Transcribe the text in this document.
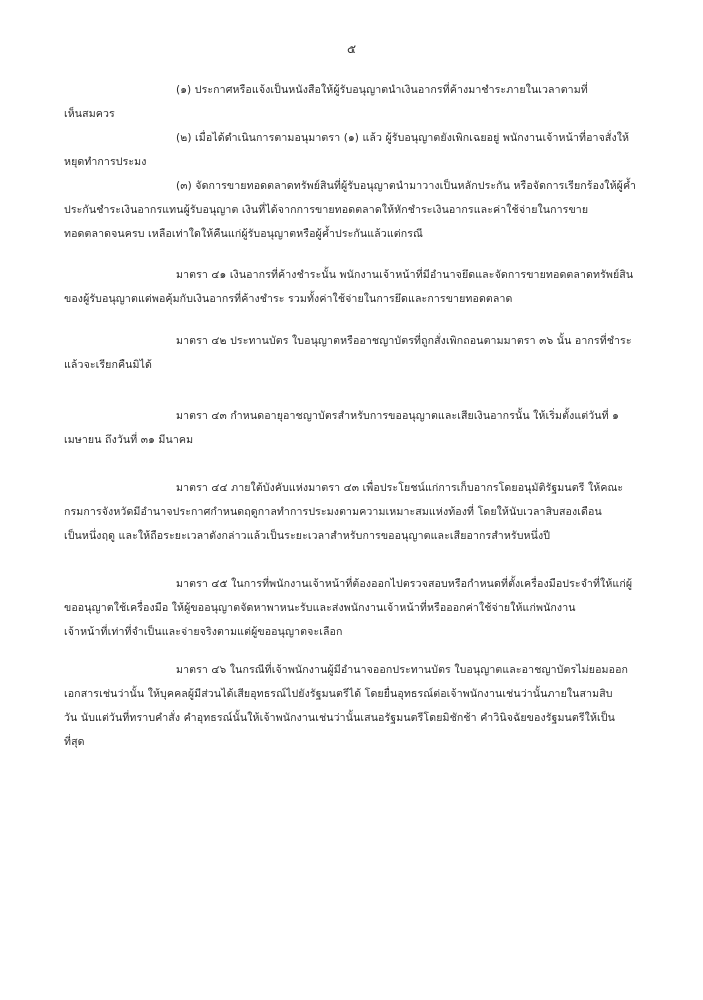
๕
(๑) ประกาศหรือแจ้งเป็นหนังสือให้ผู้รับอนุญาตนำเงินอากรที่ค้างมาชำระภายในเวลาตามที่
เห็นสมควร
(๒) เมื่อได้ดำเนินการตามอนุมาตรา (๑) แล้ว ผู้รับอนุญาตยังเพิกเฉยอยู่ พนักงานเจ้าหน้าที่อาจสั่งให้
หยุดทำการประมง
(๓) จัดการขายทอดตลาดทรัพย์สินที่ผู้รับอนุญาตนำมาวางเป็นหลักประกัน หรือจัดการเรียกร้องให้ผู้ค้ำ
ประกันชำระเงินอากรแทนผู้รับอนุญาต เงินที่ได้จากการขายทอดตลาดให้หักชำระเงินอากรและค่าใช้จ่ายในการขาย
ทอดตลาดจนครบ เหลือเท่าใดให้คืนแก่ผู้รับอนุญาตหรือผู้ค้ำประกันแล้วแต่กรณี
มาตรา ๔๑ เงินอากรที่ค้างชำระนั้น พนักงานเจ้าหน้าที่มีอำนาจยึดและจัดการขายทอดตลาดทรัพย์สิน
ของผู้รับอนุญาตแต่พอคุ้มกับเงินอากรที่ค้างชำระ รวมทั้งค่าใช้จ่ายในการยึดและการขายทอดตลาด
มาตรา ๔๒ ประทานบัตร ใบอนุญาตหรืออาชญาบัตรที่ถูกสั่งเพิกถอนตามมาตรา ๓๖ นั้น อากรที่ชำระ
แล้วจะเรียกคืนมิได้
มาตรา ๔๓ กำหนดอายุอาชญาบัตรสำหรับการขออนุญาตและเสียเงินอากรนั้น ให้เริ่มตั้งแต่วันที่ ๑
เมษายน ถึงวันที่ ๓๑ มีนาคม
มาตรา ๔๔ ภายใต้บังคับแห่งมาตรา ๔๓ เพื่อประโยชน์แก่การเก็บอากรโดยอนุมัติรัฐมนตรี ให้คณะ
กรมการจังหวัดมีอำนาจประกาศกำหนดฤดูกาลทำการประมงตามความเหมาะสมแห่งท้องที่ โดยให้นับเวลาสิบสองเดือน
เป็นหนึ่งฤดู และให้ถือระยะเวลาดังกล่าวแล้วเป็นระยะเวลาสำหรับการขออนุญาตและเสียอากรสำหรับหนึ่งปี
มาตรา ๔๕ ในการที่พนักงานเจ้าหน้าที่ต้องออกไปตรวจสอบหรือกำหนดที่ตั้งเครื่องมือประจำที่ให้แก่ผู้
ขออนุญาตใช้เครื่องมือ ให้ผู้ขออนุญาตจัดหาพาหนะรับและส่งพนักงานเจ้าหน้าที่หรือออกค่าใช้จ่ายให้แก่พนักงาน
เจ้าหน้าที่เท่าที่จำเป็นและจ่ายจริงตามแต่ผู้ขออนุญาตจะเลือก
มาตรา ๔๖ ในกรณีที่เจ้าพนักงานผู้มีอำนาจออกประทานบัตร ใบอนุญาตและอาชญาบัตรไม่ยอมออก
เอกสารเช่นว่านั้น ให้บุคคลผู้มีส่วนได้เสียอุทธรณ์ไปยังรัฐมนตรีได้ โดยยื่นอุทธรณ์ต่อเจ้าพนักงานเช่นว่านั้นภายในสามสิบ
วัน นับแต่วันที่ทราบคำสั่ง คำอุทธรณ์นั้นให้เจ้าพนักงานเช่นว่านั้นเสนอรัฐมนตรีโดยมิชักช้า คำวินิจฉัยของรัฐมนตรีให้เป็น
ที่สุด
